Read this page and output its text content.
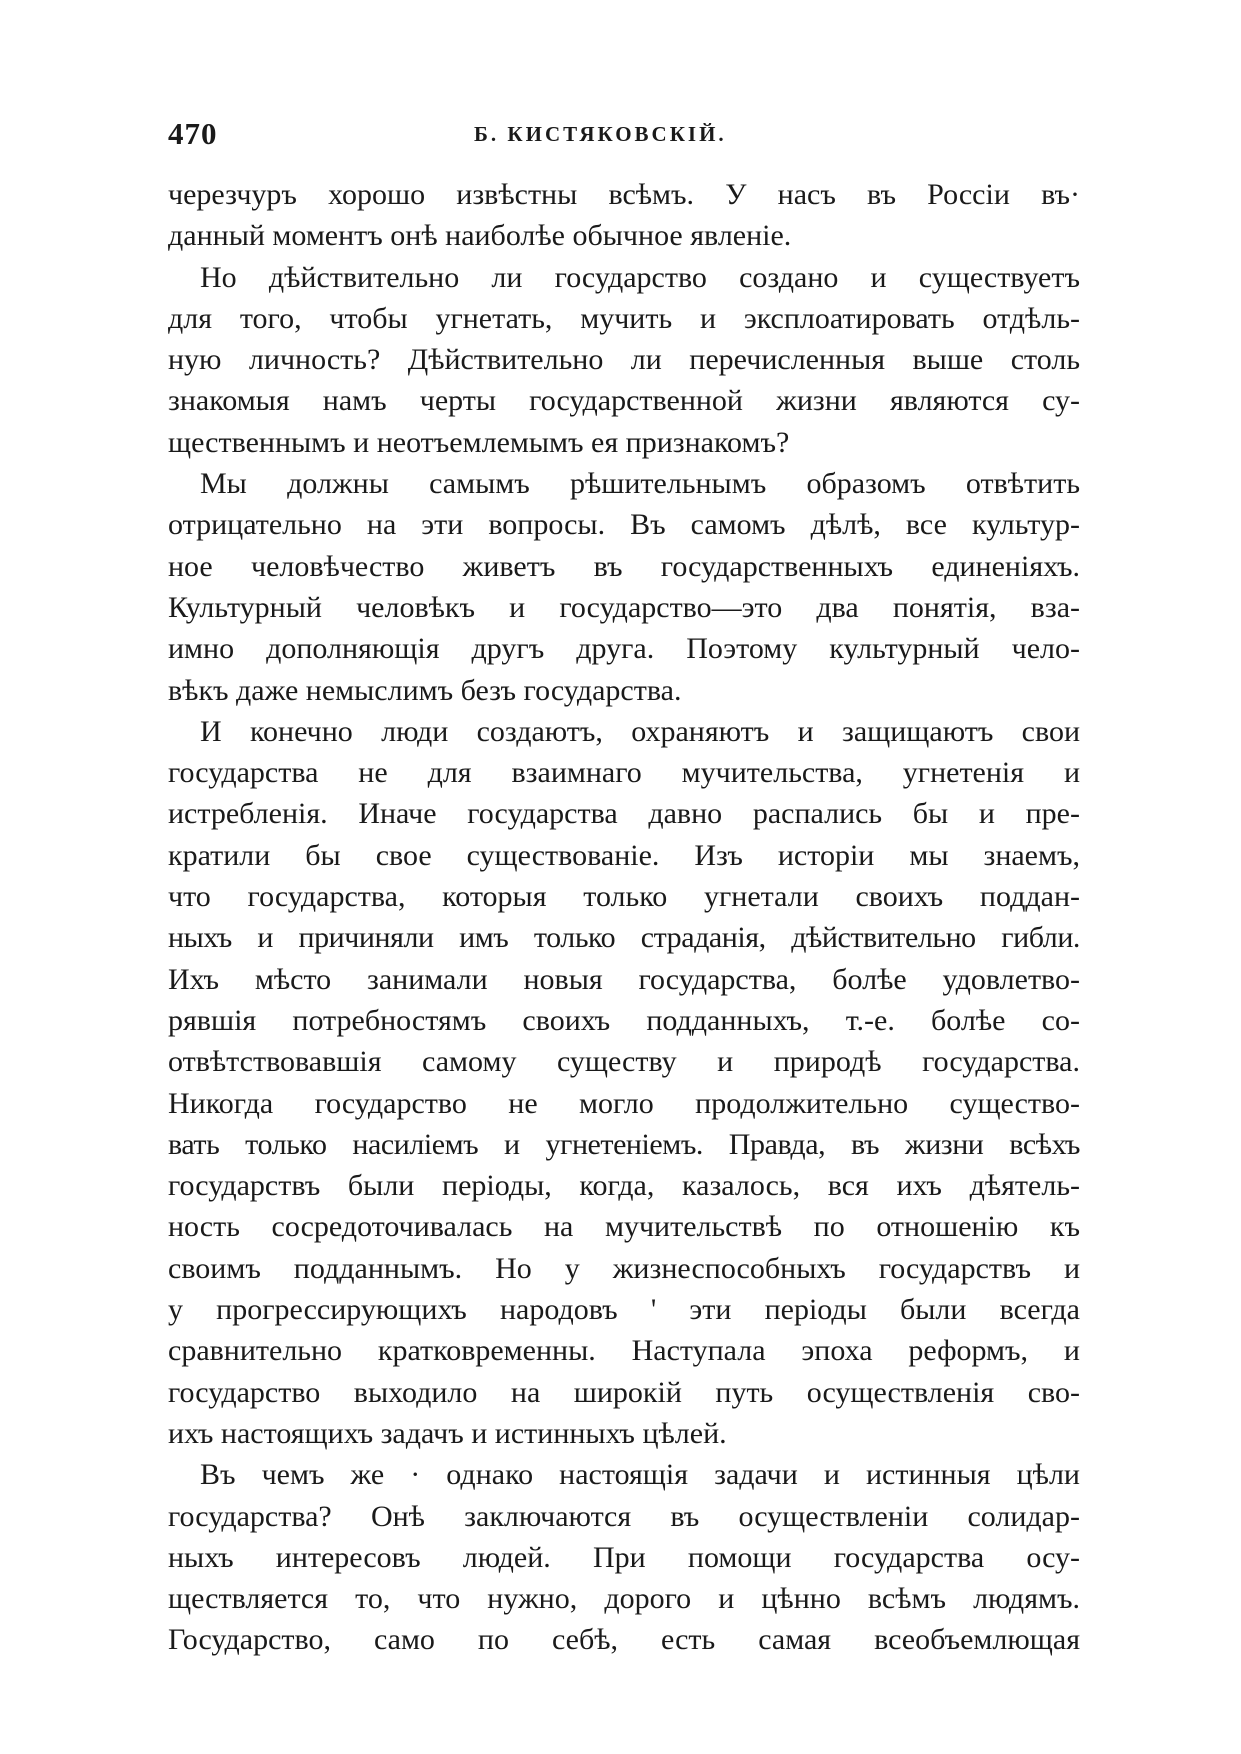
470	Б. КИСТЯКОВСКІЙ.
черезчуръ хорошо извѣстны всѣмъ. У насъ въ Россіи въ·
данный моментъ онѣ наиболѣе обычное явленіе.
Но дѣйствительно ли государство создано и существуетъ
для того, чтобы угнетать, мучить и эксплоатировать отдѣль-
ную личность? Дѣйствительно ли перечисленныя выше столь
знакомыя намъ черты государственной жизни являются су-
щественнымъ и неотъемлемымъ ея признакомъ?
Мы должны самымъ рѣшительнымъ образомъ отвѣтить
отрицательно на эти вопросы. Въ самомъ дѣлѣ, все культур-
ное человѣчество живетъ въ государственныхъ единеніяхъ.
Культурный человѣкъ и государство—это два понятія, вза-
имно дополняющія другъ друга. Поэтому культурный чело-
вѣкъ даже немыслимъ безъ государства.
И конечно люди создаютъ, охраняютъ и защищаютъ свои
государства не для взаимнаго мучительства, угнетенія и
истребленія. Иначе государства давно распались бы и пре-
кратили бы свое существованіе. Изъ исторіи мы знаемъ,
что государства, которыя только угнетали своихъ поддан-
ныхъ и причиняли имъ только страданія, дѣйствительно гибли.
Ихъ мѣсто занимали новыя государства, болѣе удовлетво-
рявшія потребностямъ своихъ подданныхъ, т.-е. болѣе со-
отвѣтствовавшія самому существу и природѣ государства.
Никогда государство не могло продолжительно существо-
вать только насиліемъ и угнетеніемъ. Правда, въ жизни всѣхъ
государствъ были періоды, когда, казалось, вся ихъ дѣятель-
ность сосредоточивалась на мучительствѣ по отношенію къ
своимъ подданнымъ. Но у жизнеспособныхъ государствъ и
у прогрессирующихъ народовъ ' эти періоды были всегда
сравнительно кратковременны. Наступала эпоха реформъ, и
государство выходило на широкій путь осуществленія сво-
ихъ настоящихъ задачъ и истинныхъ цѣлей.
Въ чемъ же · однако настоящія задачи и истинныя цѣли
государства? Онѣ заключаются въ осуществленіи солидар-
ныхъ интересовъ людей. При помощи государства осу-
ществляется то, что нужно, дорого и цѣнно всѣмъ людямъ.
Государство, само по себѣ, есть самая всеобъемлющая
